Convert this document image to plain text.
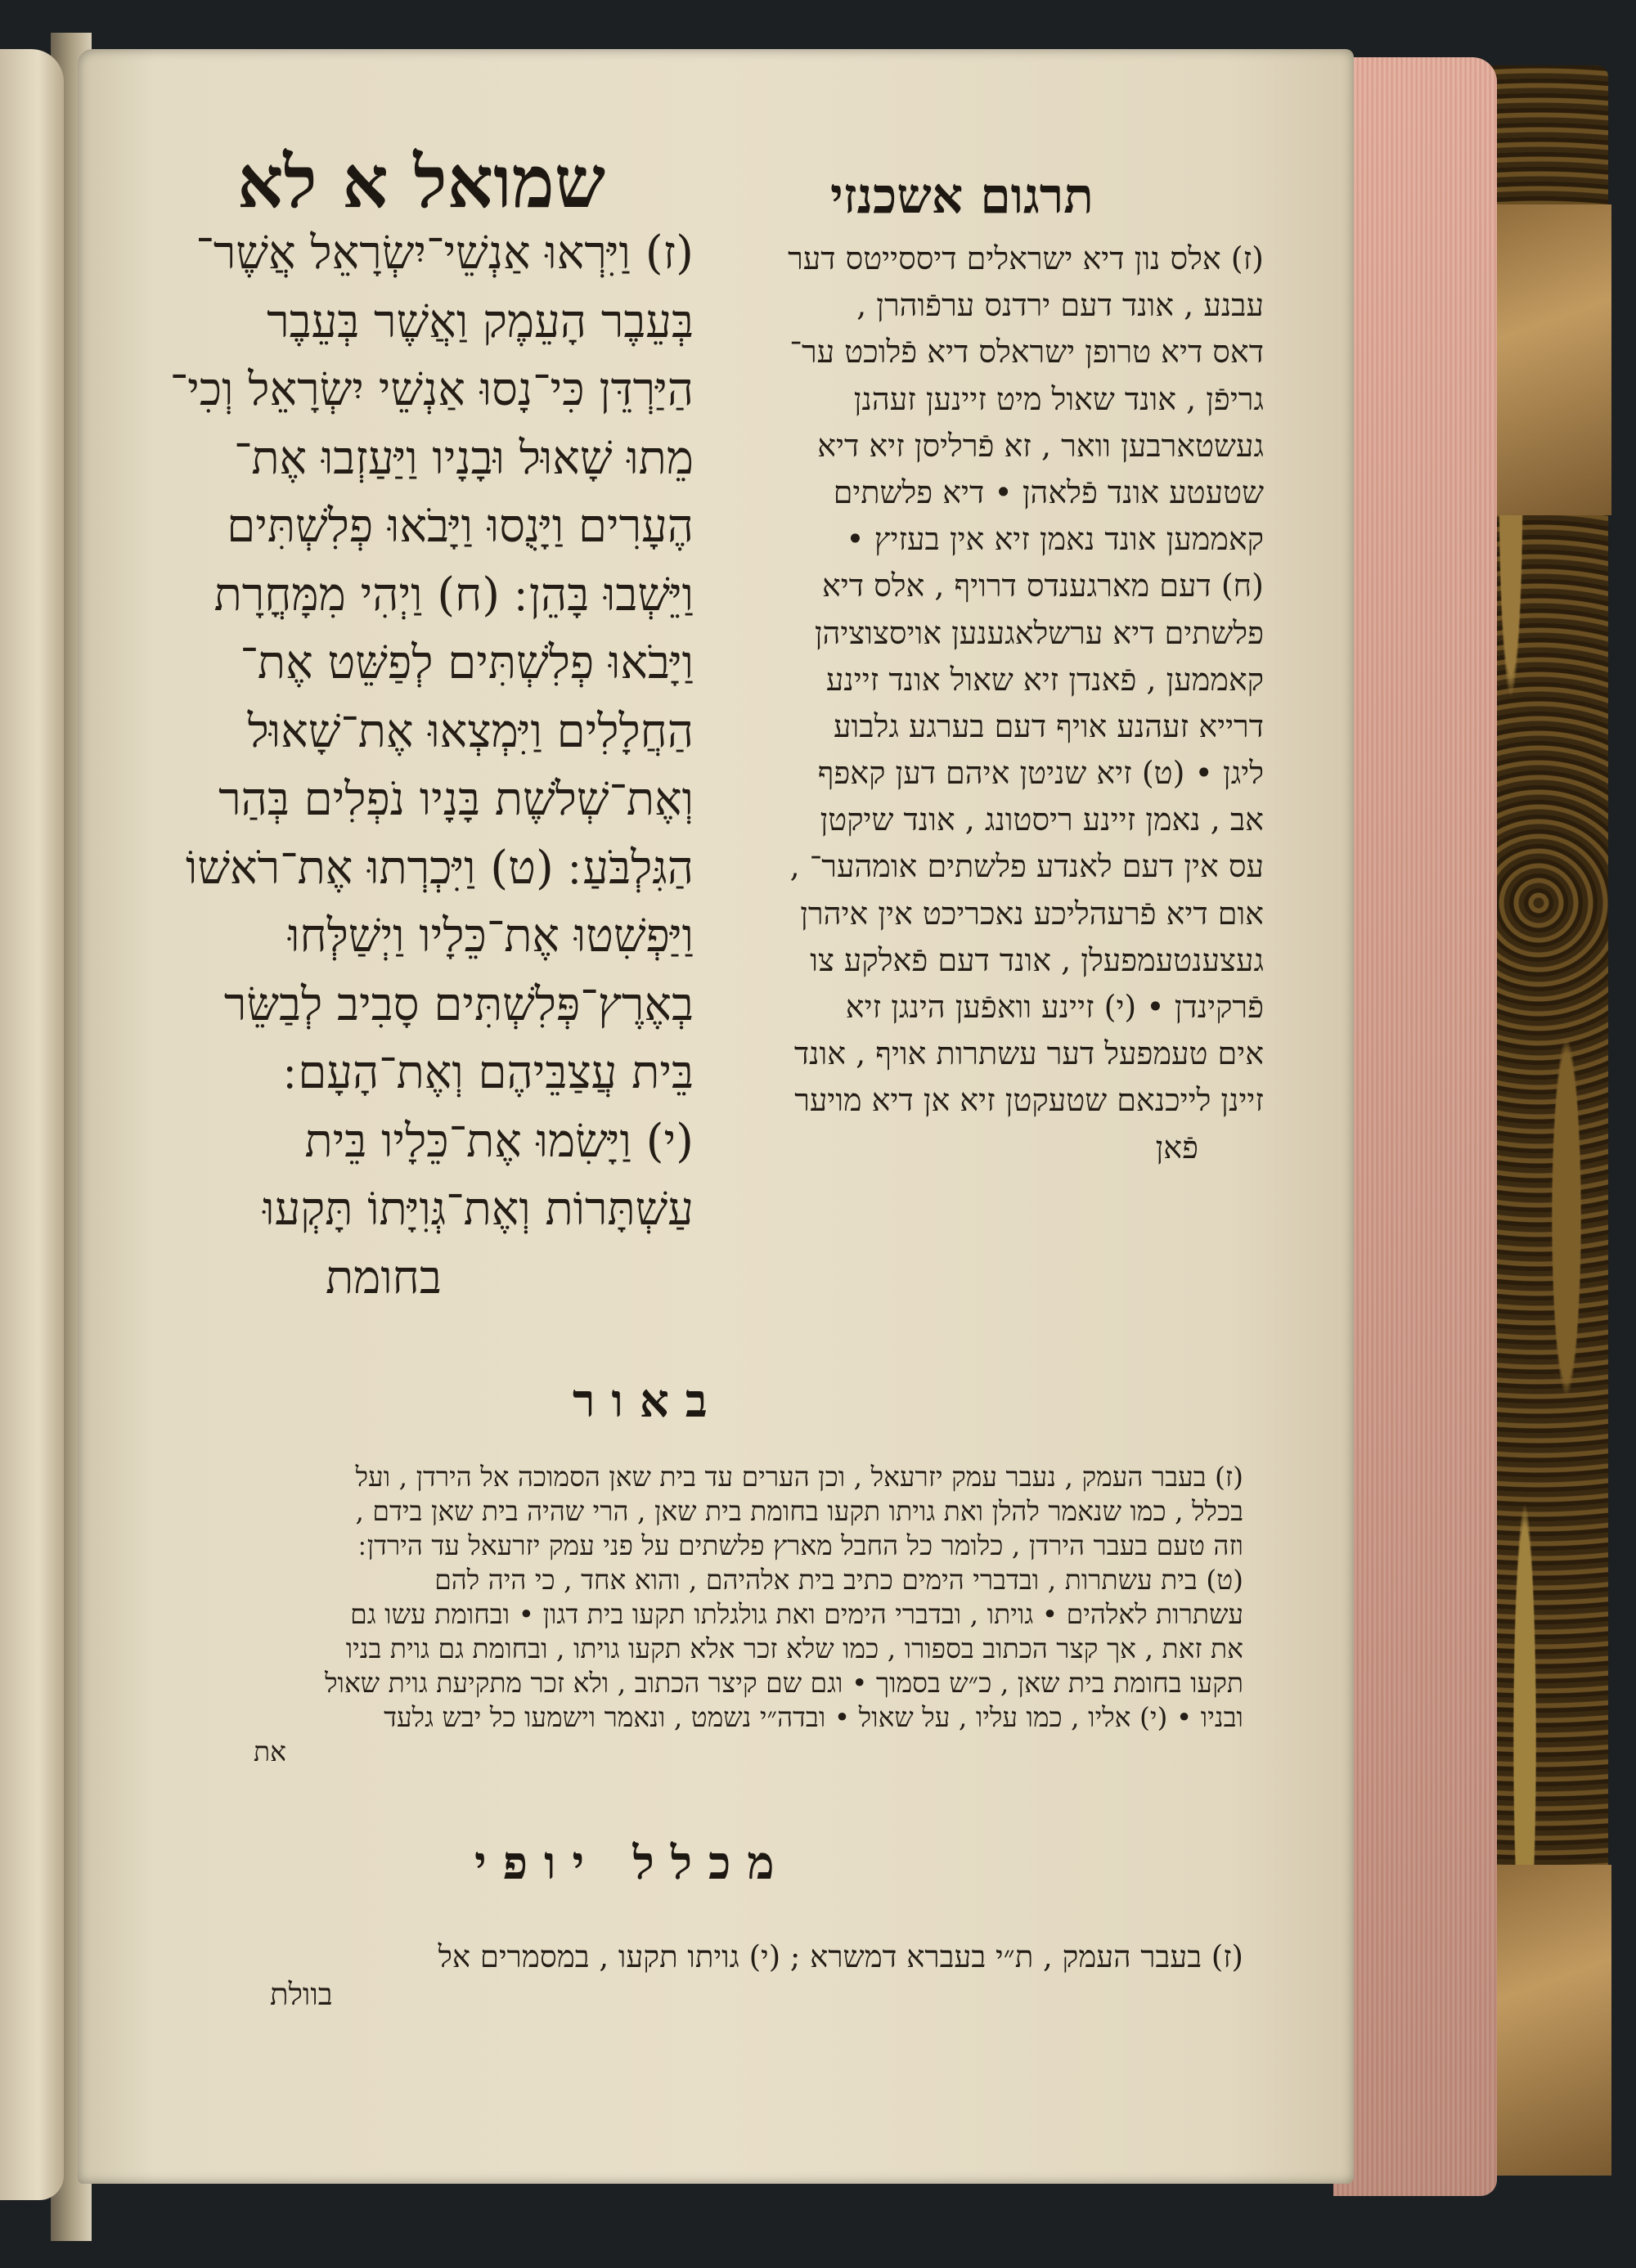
שמואל א לא	תרגום אשכנזי
(ז) וַיִּרְאוּ אַנְשֵׁי־יִשְׂרָאֵל אֲשֶׁר־
בְּעֵבֶר הָעֵמֶק וַאֲשֶׁר בְּעֵבֶר
הַיַּרְדֵּן כִּי־נָסוּ אַנְשֵׁי יִשְׂרָאֵל וְכִי־
מֵתוּ שָׁאוּל וּבָנָיו וַיַּעַזְבוּ אֶת־
הֶעָרִים וַיָּנֻסוּ וַיָּבֹאוּ פְלִשְׁתִּים
וַיֵּשְׁבוּ בָּהֵן ׃ (ח) וַיְהִי מִמָּחֳרָת
וַיָּבֹאוּ פְלִשְׁתִּים לְפַשֵּׁט אֶת־
הַחֲלָלִים וַיִּמְצְאוּ אֶת־שָׁאוּל
וְאֶת־שְׁלֹשֶׁת בָּנָיו נֹפְלִים בְּהַר
הַגִּלְבֹּעַ ׃ (ט) וַיִּכְרְתוּ אֶת־רֹאשׁוֹ
וַיַּפְשִׁטוּ אֶת־כֵּלָיו וַיְשַׁלְּחוּ
בְאֶרֶץ־פְּלִשְׁתִּים סָבִיב לְבַשֵּׂר
בֵּית עֲצַבֵּיהֶם וְאֶת־הָעָם ׃
(י) וַיָּשִׂמוּ אֶת־כֵּלָיו בֵּית
עַשְׁתָּרוֹת וְאֶת־גְּוִיָּתוֹ תָּקְעוּ
בחומת
(ז) אלס נון דיא ישראלים דיססייטס דער
עבנע , אונד דעם ירדנס ערפֿוהרן ,
דאס דיא טרופן ישראלס דיא פֿלוכט ער־
גריפֿן , אונד שאול מיט זיינען זעהנן
געשטארבען וואר , זא פֿרליסן זיא דיא
שטעטע אונד פֿלאהן • דיא פלשתים
קאממען אונד נאמן זיא אין בעזיץ •
(ח) דעם מארגענדס דרויף , אלס דיא
פלשתים דיא ערשלאגענען אויסצוציהן
קאממען , פֿאנדן זיא שאול אונד זיינע
דרייא זעהנע אויף דעם בערגע גלבוע
ליגן • (ט) זיא שניטן איהם דען קאפף
אב , נאמן זיינע ריסטונג , אונד שיקטן
עס אין דעם לאנדע פלשתים אומהער־ ,
אום דיא פֿרעהליכע נאכריכט אין איהרן
געצענטעמפעלן , אונד דעם פֿאלקע צו
פֿרקינדן • (י) זיינע וואפֿען הינגן זיא
אים טעמפעל דער עשתרות אויף , אונד
זיינן לייכנאם שטעקטן זיא אן דיא מויער
פֿאן
באור
(ז) בעבר העמק , נעבר עמק יזרעאל , וכן הערים עד בית שאן הסמוכה אל הירדן , ועל
בכלל , כמו שנאמר להלן ואת גויתו תקעו בחומת בית שאן , הרי שהיה בית שאן בידם ,
וזה טעם בעבר הירדן , כלומר כל החבל מארץ פלשתים על פני עמק יזרעאל עד הירדן ׃
(ט) בית עשתרות , ובדברי הימים כתיב בית אלהיהם , והוא אחד , כי היה להם
עשתרות לאלהים • גויתו , ובדברי הימים ואת גולגלתו תקעו בית דגון • ובחומת עשו גם
את זאת , אך קצר הכתוב בספורו , כמו שלא זכר אלא תקעו גויתו , ובחומת גם גוית בניו
תקעו בחומת בית שאן , כ״ש בסמוך • וגם שם קיצר הכתוב , ולא זכר מתקיעת גוית שאול
ובניו • (י) אליו , כמו עליו , על שאול • ובדה״י נשמט , ונאמר וישמעו כל יבש גלעד
את
מכלל יופי
(ז) בעבר העמק , ת״י בעברא דמשרא ; (י) גויתו תקעו , במסמרים אל
בוולת
